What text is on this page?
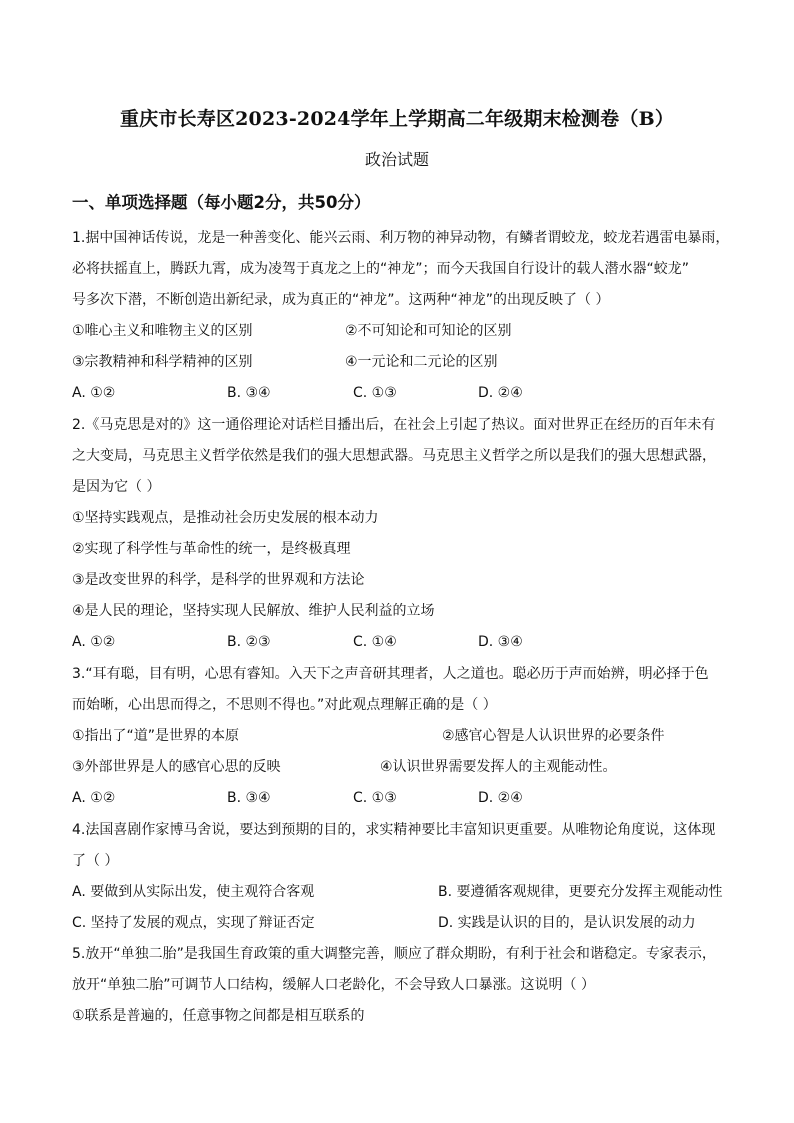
重庆市长寿区2023-2024学年上学期高二年级期末检测卷（B）
政治试题
一、单项选择题（每小题2分，共50分）
1.据中国神话传说，龙是一种善变化、能兴云雨、利万物的神异动物，有鳞者谓蛟龙，蛟龙若遇雷电暴雨，
必将扶摇直上，腾跃九霄，成为凌驾于真龙之上的“神龙”；而今天我国自行设计的载人潜水器“蛟龙”
号多次下潜，不断创造出新纪录，成为真正的“神龙”。这两种“神龙”的出现反映了（ ）
①唯心主义和唯物主义的区别	②不可知论和可知论的区别
③宗教精神和科学精神的区别	④一元论和二元论的区别
A. ①②	B. ③④	C. ①③	D. ②④
2.《马克思是对的》这一通俗理论对话栏目播出后，在社会上引起了热议。面对世界正在经历的百年未有
之大变局，马克思主义哲学依然是我们的强大思想武器。马克思主义哲学之所以是我们的强大思想武器，
是因为它（ ）
①坚持实践观点，是推动社会历史发展的根本动力
②实现了科学性与革命性的统一，是终极真理
③是改变世界的科学，是科学的世界观和方法论
④是人民的理论，坚持实现人民解放、维护人民利益的立场
A. ①②	B. ②③	C. ①④	D. ③④
3.“耳有聪，目有明，心思有睿知。入天下之声音研其理者，人之道也。聪必历于声而始辨，明必择于色
而始晰，心出思而得之，不思则不得也。”对此观点理解正确的是（ ）
①指出了“道”是世界的本原	②感官心智是人认识世界的必要条件
③外部世界是人的感官心思的反映	④认识世界需要发挥人的主观能动性。
A. ①②	B. ③④	C. ①③	D. ②④
4.法国喜剧作家博马舍说，要达到预期的目的，求实精神要比丰富知识更重要。从唯物论角度说，这体现
了（ ）
A. 要做到从实际出发，使主观符合客观	B. 要遵循客观规律，更要充分发挥主观能动性
C. 坚持了发展的观点，实现了辩证否定	D. 实践是认识的目的，是认识发展的动力
5.放开“单独二胎”是我国生育政策的重大调整完善，顺应了群众期盼，有利于社会和谐稳定。专家表示，
放开“单独二胎”可调节人口结构，缓解人口老龄化，不会导致人口暴涨。这说明（ ）
①联系是普遍的，任意事物之间都是相互联系的
